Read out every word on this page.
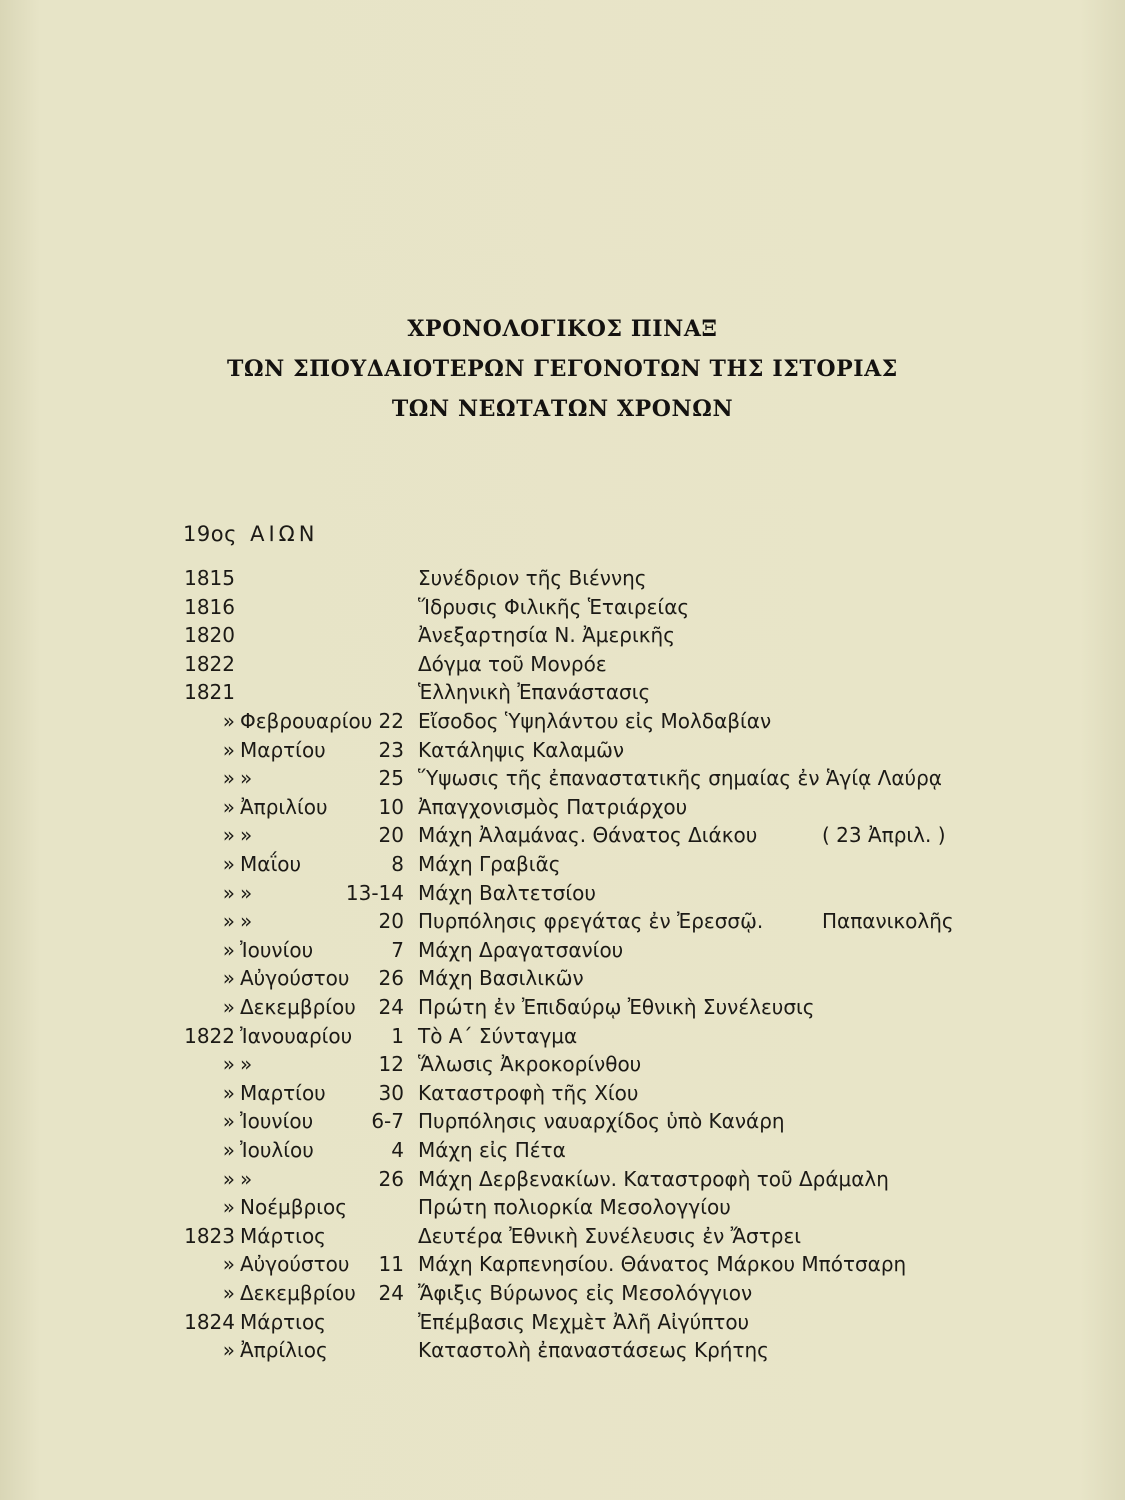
ΧΡΟΝΟΛΟΓΙΚΟΣ ΠΙΝΑΞ
ΤΩΝ ΣΠΟΥΔΑΙΟΤΕΡΩΝ ΓΕΓΟΝΟΤΩΝ ΤΗΣ ΙΣΤΟΡΙΑΣ
ΤΩΝ ΝΕΩΤΑΤΩΝ ΧΡΟΝΩΝ
19ος ΑΙΩΝ
1815	Συνέδριον τῆς Βιέννης
1816	Ἵδρυσις Φιλικῆς Ἑταιρείας
1820	Ἀνεξαρτησία Ν. Ἀμερικῆς
1822	Δόγμα τοῦ Μονρόε
1821	Ἑλληνικὴ Ἐπανάστασις
» Φεβρουαρίου 22 Εἴσοδος Ὑψηλάντου εἰς Μολδαβίαν
» Μαρτίου	23 Κατάληψις Καλαμῶν
» »	25 Ὕψωσις τῆς ἐπαναστατικῆς σημαίας ἐν Ἁγίᾳ Λαύρᾳ
» Ἀπριλίου	10 Ἀπαγχονισμὸς Πατριάρχου
» »	20 Μάχη Ἀλαμάνας. Θάνατος Διάκου	( 23 Ἀπριλ. )
» Μαΐου	8 Μάχη Γραβιᾶς
» »	13-14 Μάχη Βαλτετσίου
» »	20 Πυρπόλησις φρεγάτας ἐν Ἐρεσσῷ.	Παπανικολῆς
» Ἰουνίου	7 Μάχη Δραγατσανίου
» Αὐγούστου	26 Μάχη Βασιλικῶν
» Δεκεμβρίου	24 Πρώτη ἐν Ἐπιδαύρῳ Ἐθνικὴ Συνέλευσις
1822 Ἰανουαρίου	1 Τὸ Α΄ Σύνταγμα
» »	12 Ἅλωσις Ἀκροκορίνθου
» Μαρτίου	30 Καταστροφὴ τῆς Χίου
» Ἰουνίου	6-7 Πυρπόλησις ναυαρχίδος ὑπὸ Κανάρη
» Ἰουλίου	4 Μάχη εἰς Πέτα
» »	26 Μάχη Δερβενακίων. Καταστροφὴ τοῦ Δράμαλη
» Νοέμβριος	Πρώτη πολιορκία Μεσολογγίου
1823 Μάρτιος	Δευτέρα Ἐθνικὴ Συνέλευσις ἐν Ἄστρει
» Αὐγούστου	11 Μάχη Καρπενησίου. Θάνατος Μάρκου Μπότσαρη
» Δεκεμβρίου	24 Ἄφιξις Βύρωνος εἰς Μεσολόγγιον
1824 Μάρτιος	Ἐπέμβασις Μεχμὲτ Ἀλῆ Αἰγύπτου
» Ἀπρίλιος	Καταστολὴ ἐπαναστάσεως Κρήτης
